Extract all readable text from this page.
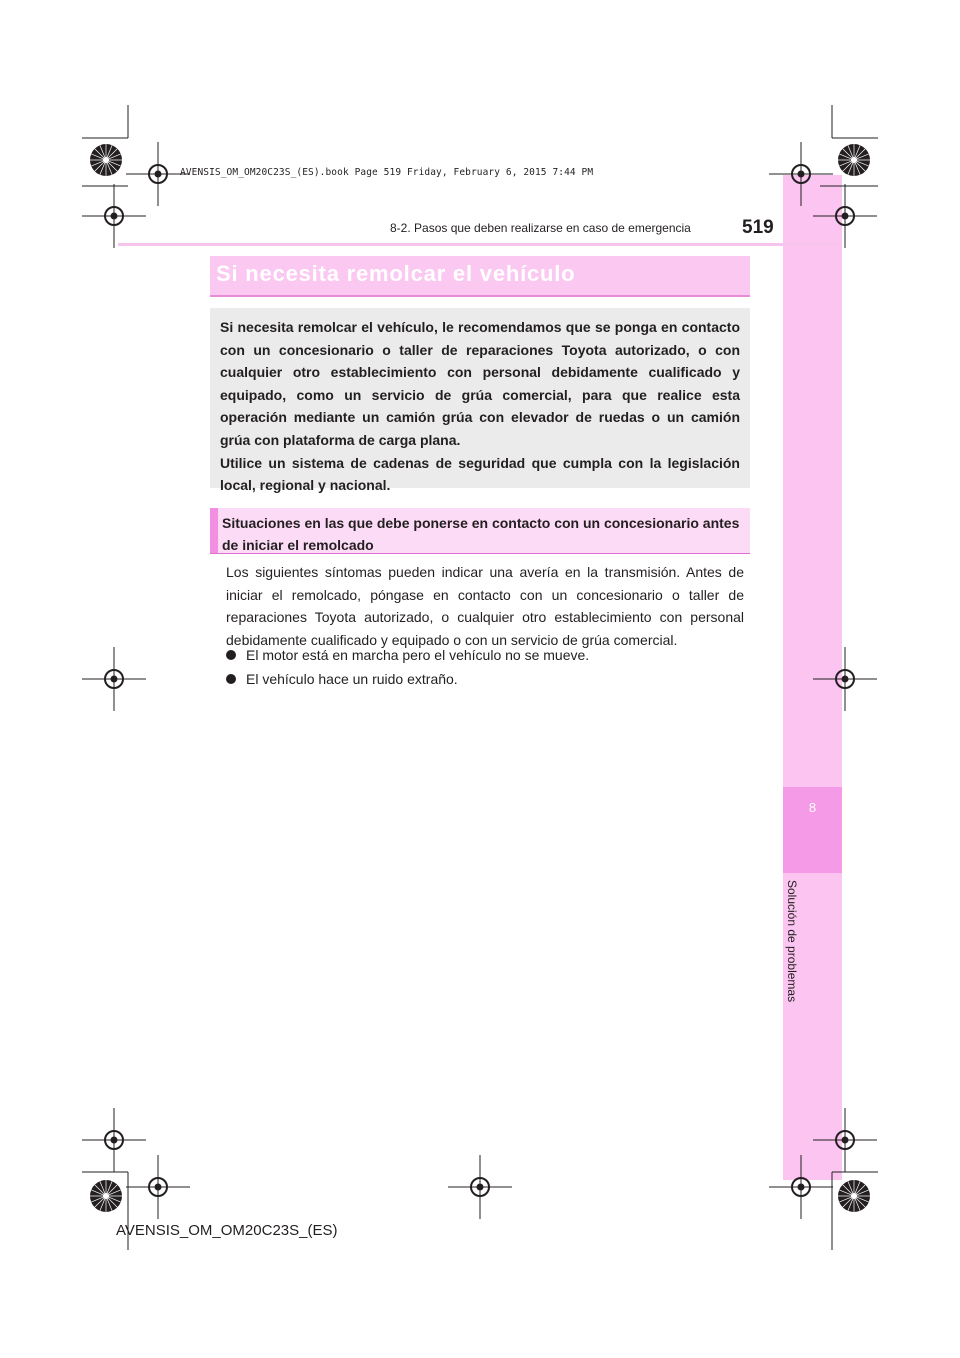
8
Solución de problemas
AVENSIS_OM_OM20C23S_(ES).book Page 519 Friday, February 6, 2015 7:44 PM
8-2. Pasos que deben realizarse en caso de emergencia	519
Si necesita remolcar el vehículo
Si necesita remolcar el vehículo, le recomendamos que se ponga en contacto con un concesionario o taller de reparaciones Toyota autorizado, o con cualquier otro establecimiento con personal debidamente cualificado y equipado, como un servicio de grúa comercial, para que realice esta operación mediante un camión grúa con elevador de ruedas o un camión grúa con plataforma de carga plana.
Utilice un sistema de cadenas de seguridad que cumpla con la legislación local, regional y nacional.
Situaciones en las que debe ponerse en contacto con un concesionario antes de iniciar el remolcado
Los siguientes síntomas pueden indicar una avería en la transmisión. Antes de iniciar el remolcado, póngase en contacto con un concesionario o taller de reparaciones Toyota autorizado, o cualquier otro establecimiento con personal debidamente cualificado y equipado o con un servicio de grúa comercial.
El motor está en marcha pero el vehículo no se mueve.
El vehículo hace un ruido extraño.
AVENSIS_OM_OM20C23S_(ES)
